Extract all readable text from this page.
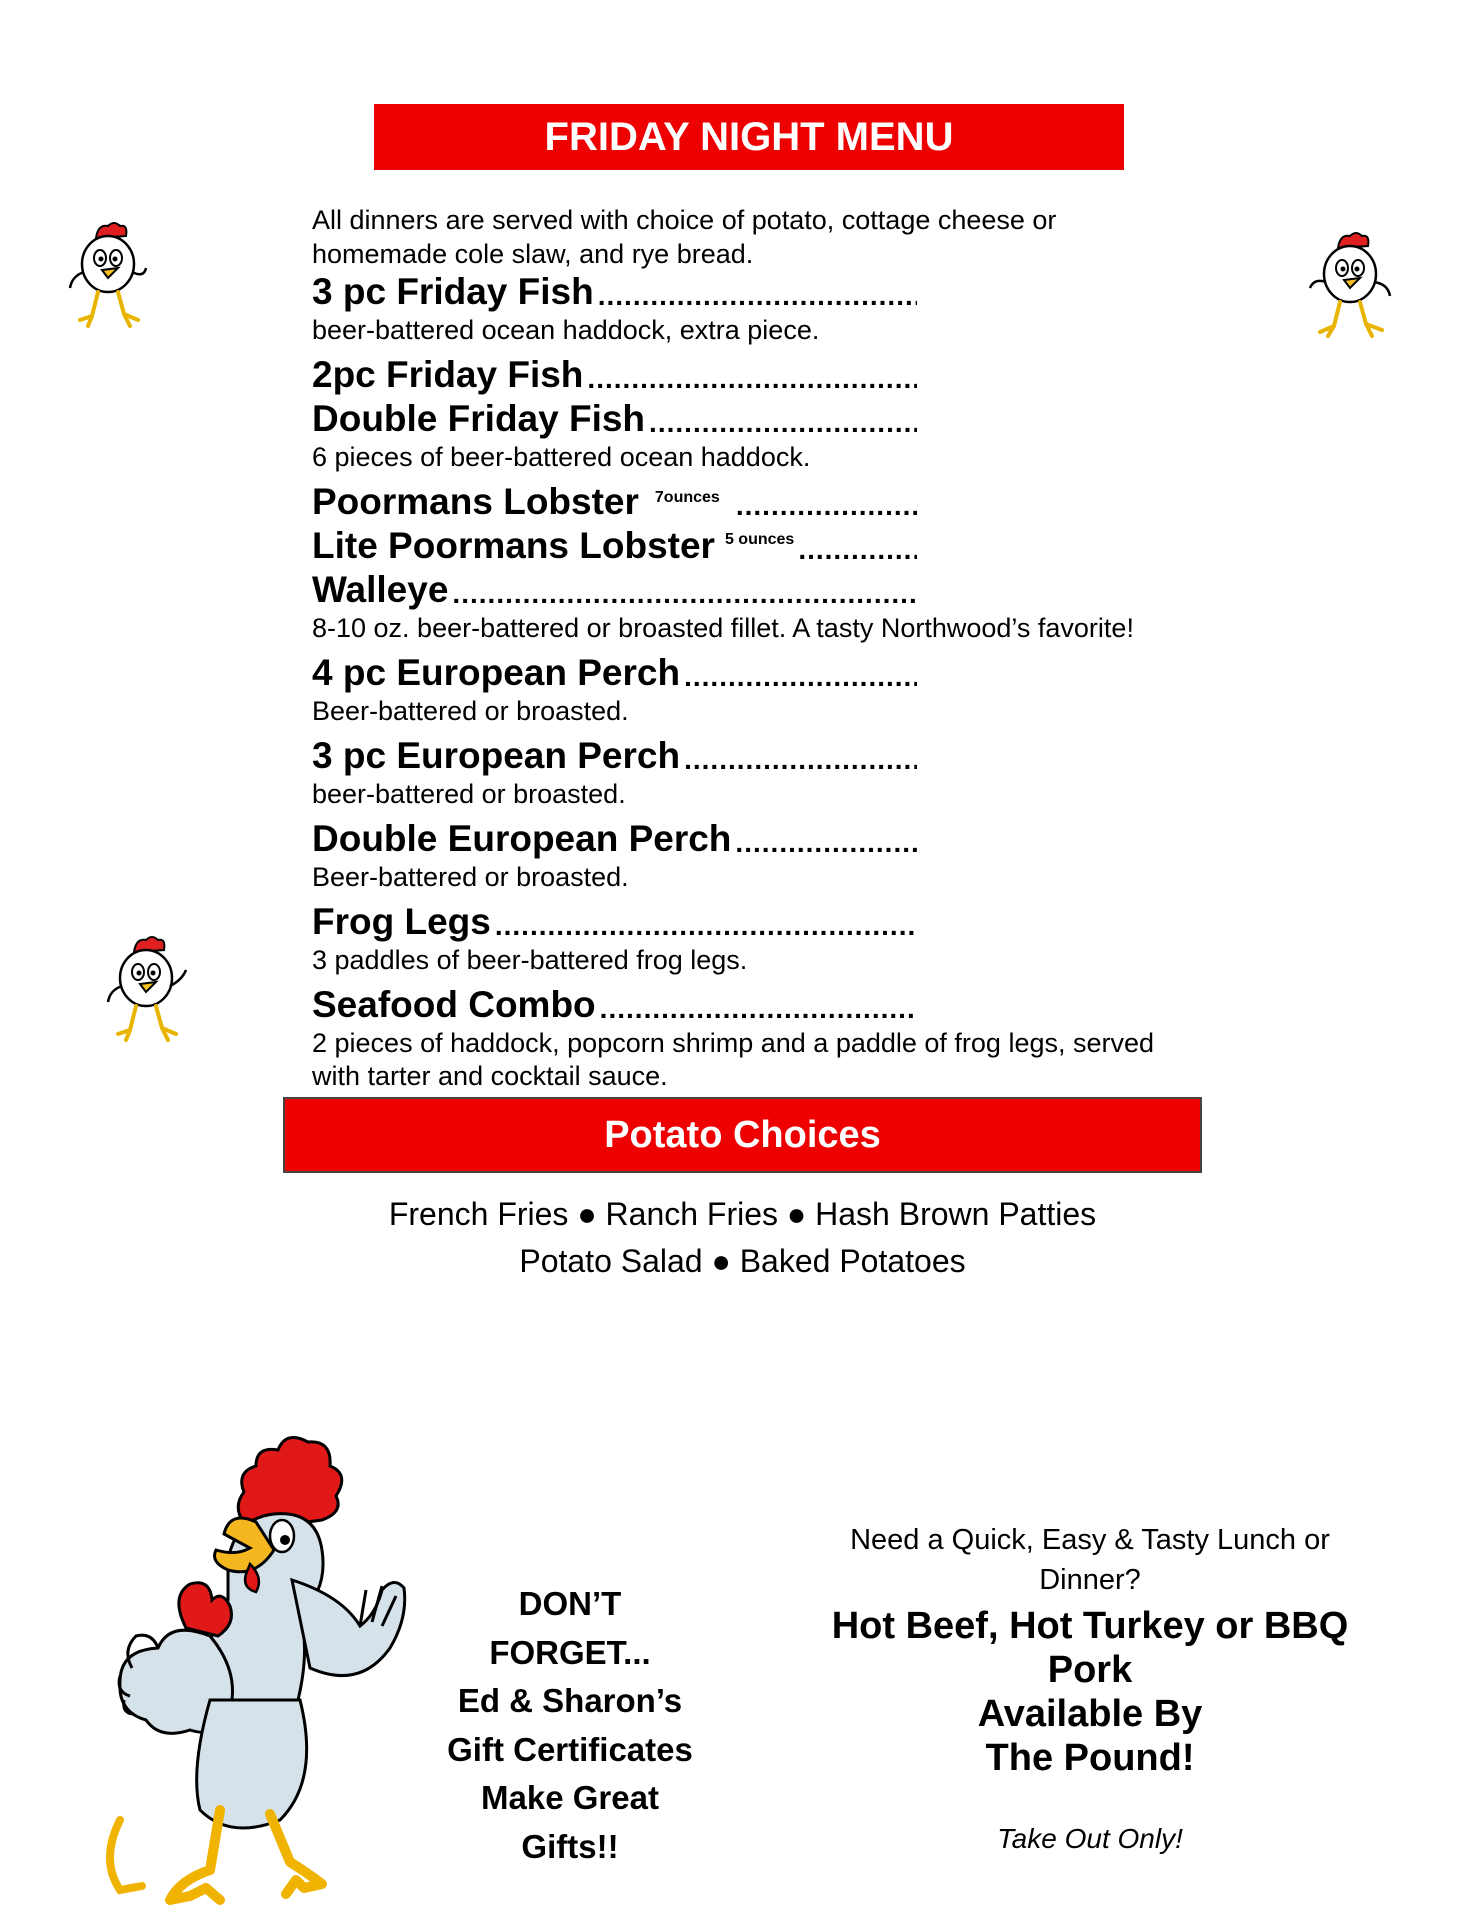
FRIDAY NIGHT MENU
All dinners are served with choice of potato, cottage cheese or homemade cole slaw, and rye bread.
3 pc Friday Fish
.....
beer-battered ocean haddock, extra piece.
2pc Friday Fish
.....
Double Friday Fish
.....
6 pieces of beer-battered ocean haddock.
Poormans Lobster 7ounces
.....
Lite Poormans Lobster 5 ounces
.....
Walleye
.....
8-10 oz. beer-battered or broasted fillet. A tasty Northwood’s favorite!
4 pc European Perch
.....
Beer-battered or broasted.
3 pc European Perch
.....
beer-battered or broasted.
Double European Perch
.....
Beer-battered or broasted.
Frog Legs
.....
3 paddles of beer-battered frog legs.
Seafood Combo
.....
2 pieces of haddock, popcorn shrimp and a paddle of frog legs, served with tarter and cocktail sauce.
Potato Choices
French Fries ● Ranch Fries ● Hash Brown Patties
Potato Salad ● Baked Potatoes
DON’T
FORGET...
Ed & Sharon’s
Gift Certificates
Make Great
Gifts!!
Need a Quick, Easy & Tasty Lunch or Dinner?
Hot Beef, Hot Turkey or BBQ Pork
Available By
The Pound!
Take Out Only!
